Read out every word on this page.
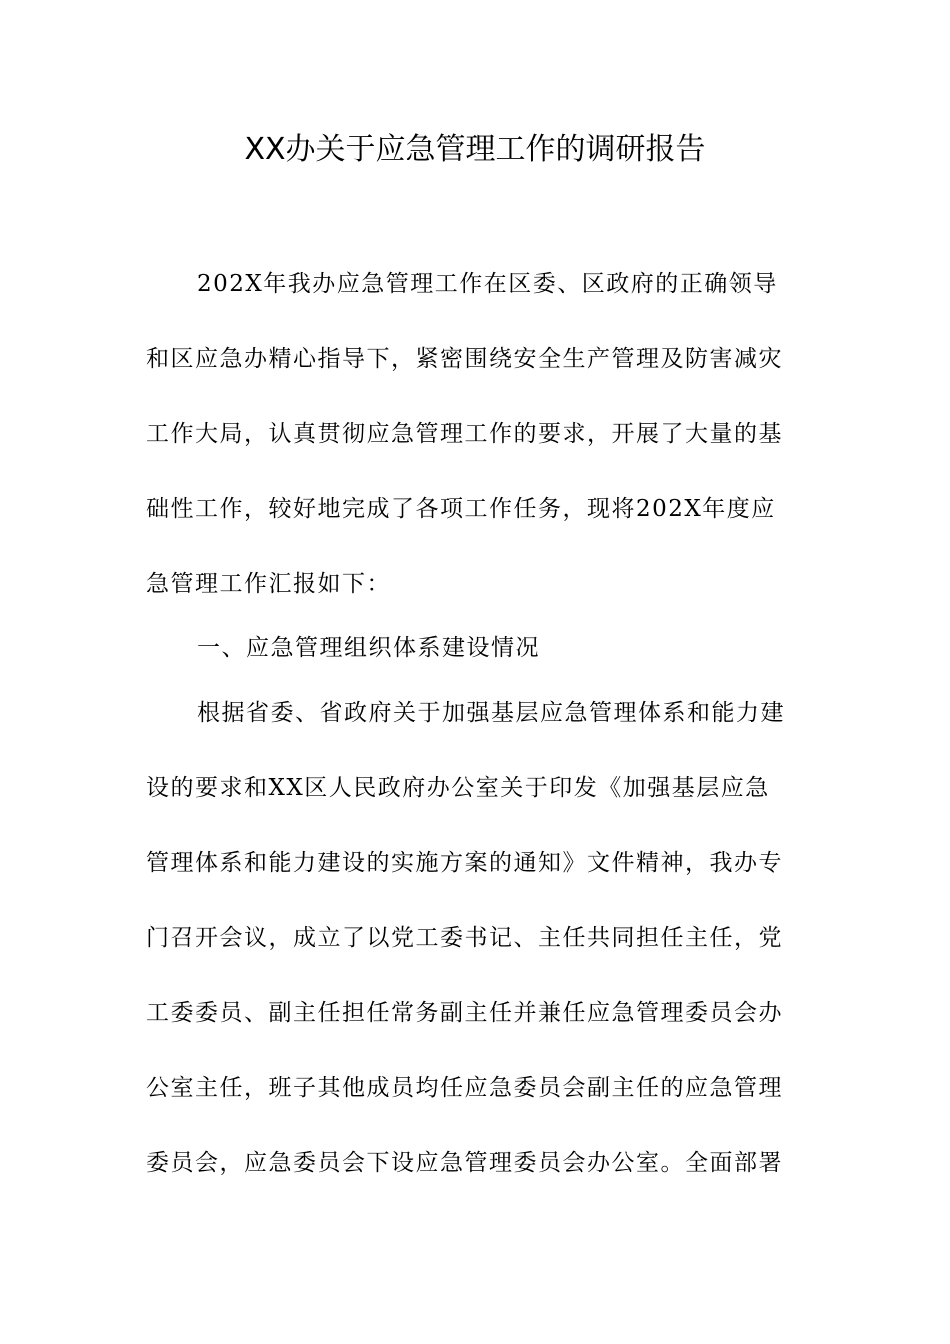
XX办关于应急管理工作的调研报告
202X年我办应急管理工作在区委、区政府的正确领导
和区应急办精心指导下，紧密围绕安全生产管理及防害减灾
工作大局，认真贯彻应急管理工作的要求，开展了大量的基
础性工作，较好地完成了各项工作任务，现将202X年度应
急管理工作汇报如下：
一、应急管理组织体系建设情况
根据省委、省政府关于加强基层应急管理体系和能力建
设的要求和XX区人民政府办公室关于印发《加强基层应急
管理体系和能力建设的实施方案的通知》文件精神，我办专
门召开会议，成立了以党工委书记、主任共同担任主任，党
工委委员、副主任担任常务副主任并兼任应急管理委员会办
公室主任，班子其他成员均任应急委员会副主任的应急管理
委员会，应急委员会下设应急管理委员会办公室。全面部署
